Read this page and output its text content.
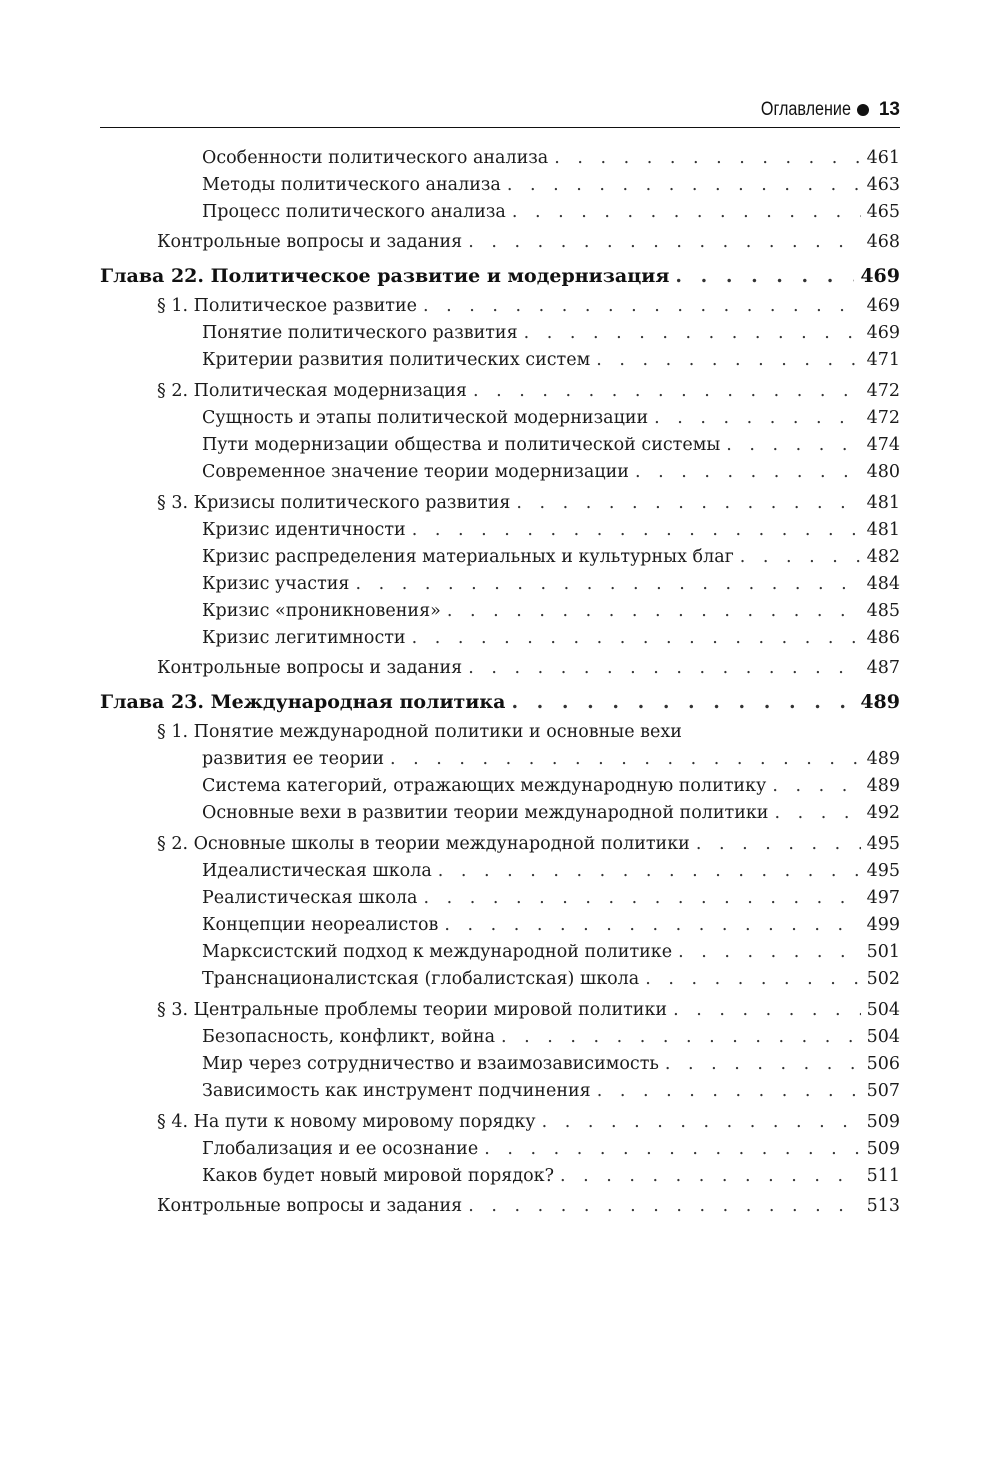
Оглавление 13
Особенности политического анализа . . .	461
Методы политического анализа . . .	463
Процесс политического анализа . . .	465
Контрольные вопросы и задания . . .	468
Глава 22. Политическое развитие и модернизация . . .	469
§ 1. Политическое развитие . . .	469
Понятие политического развития . . .	469
Критерии развития политических систем . . .	471
§ 2. Политическая модернизация . . .	472
Сущность и этапы политической модернизации . . .	472
Пути модернизации общества и политической системы . . .	474
Современное значение теории модернизации . . .	480
§ 3. Кризисы политического развития . . .	481
Кризис идентичности . . .	481
Кризис распределения материальных и культурных благ . . .	482
Кризис участия . . .	484
Кризис «проникновения» . . .	485
Кризис легитимности . . .	486
Контрольные вопросы и задания . . .	487
Глава 23. Международная политика . . .	489
§ 1. Понятие международной политики и основные вехи
развития ее теории . . .	489
Система категорий, отражающих международную политику . . .	489
Основные вехи в развитии теории международной политики . . .	492
§ 2. Основные школы в теории международной политики . . .	495
Идеалистическая школа . . .	495
Реалистическая школа . . .	497
Концепции неореалистов . . .	499
Марксистский подход к международной политике . . .	501
Транснационалистская (глобалистская) школа . . .	502
§ 3. Центральные проблемы теории мировой политики . . .	504
Безопасность, конфликт, война . . .	504
Мир через сотрудничество и взаимозависимость . . .	506
Зависимость как инструмент подчинения . . .	507
§ 4. На пути к новому мировому порядку . . .	509
Глобализация и ее осознание . . .	509
Каков будет новый мировой порядок? . . .	511
Контрольные вопросы и задания . . .	513
